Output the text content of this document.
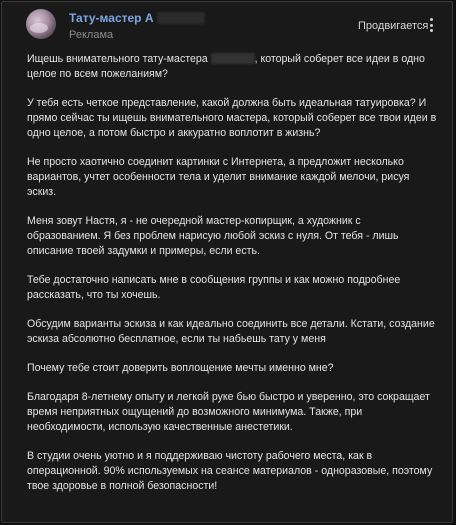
Тату-мастер А
Реклама
Продвигается

Ищешь внимательного тату-мастера	, который соберет все идеи в одно целое по всем пожеланиям?

У тебя есть четкое представление, какой должна быть идеальная татуировка? И прямо сейчас ты ищешь внимательного мастера, который соберет все твои идеи в одно целое, а потом быстро и аккуратно воплотит в жизнь?

Не просто хаотично соединит картинки с Интернета, а предложит несколько вариантов, учтет особенности тела и уделит внимание каждой мелочи, рисуя эскиз.

Меня зовут Настя, я - не очередной мастер-копирщик, а художник с образованием. Я без проблем нарисую любой эскиз с нуля. От тебя - лишь описание твоей задумки и примеры, если есть.

Тебе достаточно написать мне в сообщения группы и как можно подробнее рассказать, что ты хочешь.

Обсудим варианты эскиза и как идеально соединить все детали. Кстати, создание эскиза абсолютно бесплатное, если ты набьешь тату у меня

Почему тебе стоит доверить воплощение мечты именно мне?

Благодаря 8-летнему опыту и легкой руке бью быстро и уверенно, это сокращает время неприятных ощущений до возможного минимума. Также, при необходимости, использую качественные анестетики.

В студии очень уютно и я поддерживаю чистоту рабочего места, как в операционной. 90% используемых на сеансе материалов - одноразовые, поэтому твое здоровье в полной безопасности!
